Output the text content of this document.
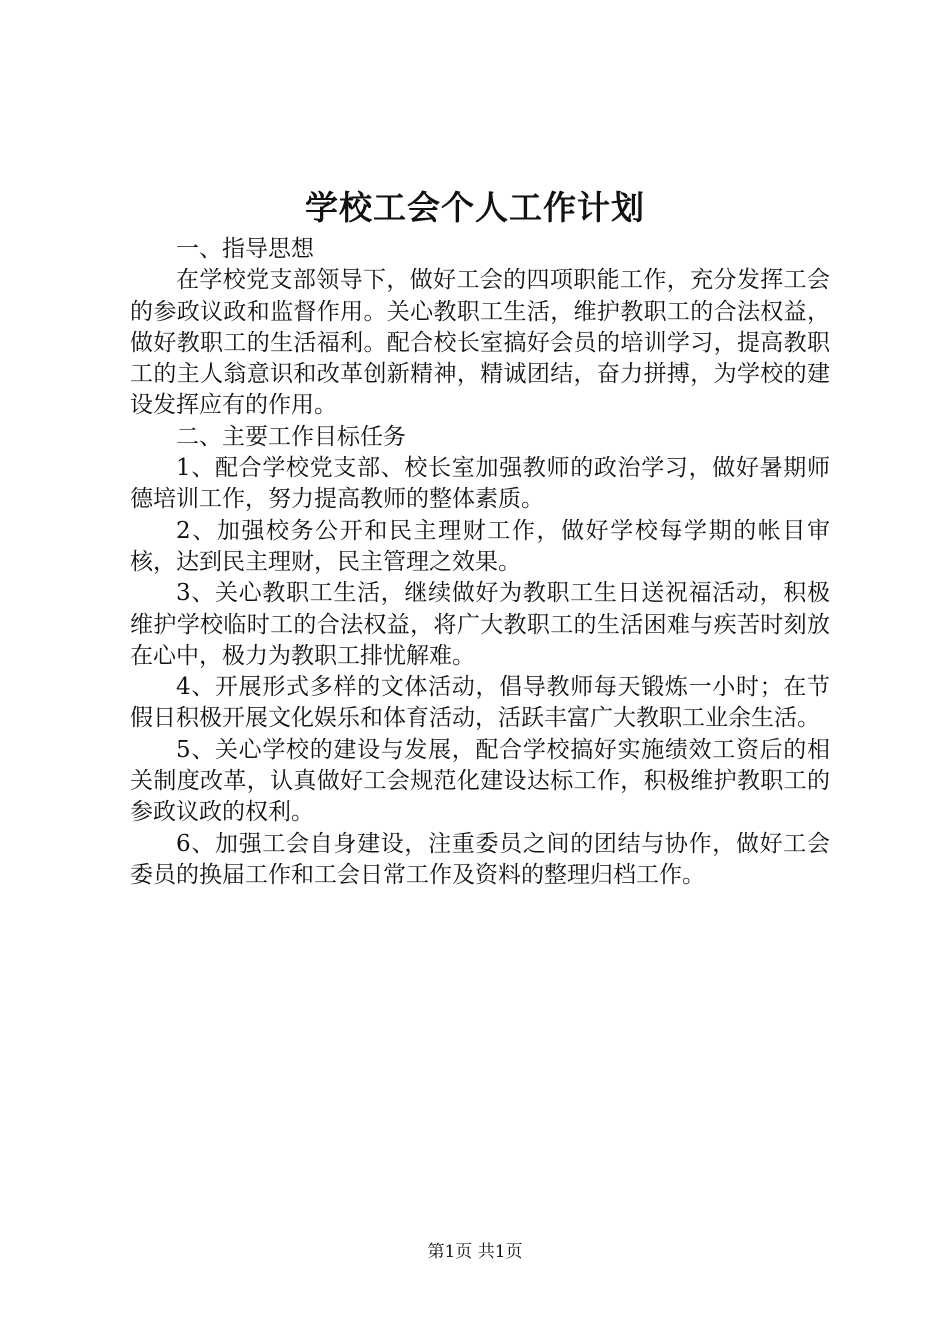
学校工会个人工作计划

一、指导思想

在学校党支部领导下，做好工会的四项职能工作，充分发挥工会的参政议政和监督作用。关心教职工生活，维护教职工的合法权益，做好教职工的生活福利。配合校长室搞好会员的培训学习，提高教职工的主人翁意识和改革创新精神，精诚团结，奋力拼搏，为学校的建设发挥应有的作用。

二、主要工作目标任务

1、配合学校党支部、校长室加强教师的政治学习，做好暑期师德培训工作，努力提高教师的整体素质。

2、加强校务公开和民主理财工作，做好学校每学期的帐目审核，达到民主理财，民主管理之效果。

3、关心教职工生活，继续做好为教职工生日送祝福活动，积极维护学校临时工的合法权益，将广大教职工的生活困难与疾苦时刻放在心中，极力为教职工排忧解难。

4、开展形式多样的文体活动，倡导教师每天锻炼一小时；在节假日积极开展文化娱乐和体育活动，活跃丰富广大教职工业余生活。

5、关心学校的建设与发展，配合学校搞好实施绩效工资后的相关制度改革，认真做好工会规范化建设达标工作，积极维护教职工的参政议政的权利。

6、加强工会自身建设，注重委员之间的团结与协作，做好工会委员的换届工作和工会日常工作及资料的整理归档工作。

第1页 共1页
